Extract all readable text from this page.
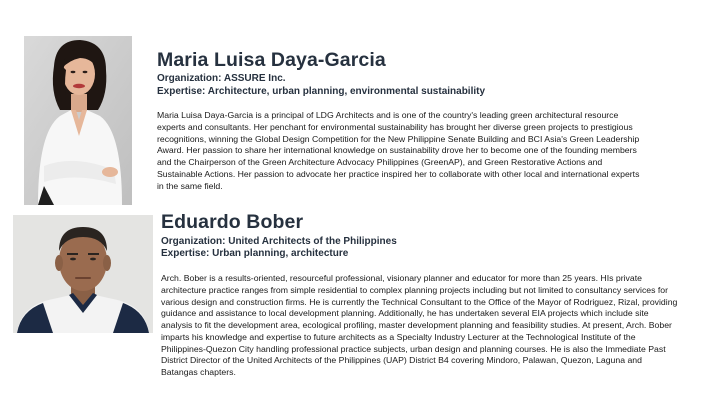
Maria Luisa Daya-Garcia

Organization: ASSURE Inc.

Expertise: Architecture, urban planning, environmental sustainability

Maria Luisa Daya-Garcia is a principal of LDG Architects and is one of the country's leading green architectural resource experts and consultants. Her penchant for environmental sustainability has brought her diverse green projects to prestigious recognitions, winning the Global Design Competition for the New Philippine Senate Building and BCI Asia's Green Leadership Award. Her passion to share her international knowledge on sustainability drove her to become one of the founding members and the Chairperson of the Green Architecture Advocacy Philippines (GreenAP), and Green Restorative Actions and Sustainable Actions. Her passion to advocate her practice inspired her to collaborate with other local and international experts in the same field.

Eduardo Bober

Organization: United Architects of the Philippines

Expertise: Urban planning, architecture

Arch. Bober is a results-oriented, resourceful professional, visionary planner and educator for more than 25 years. HIs private architecture practice ranges from simple residential to complex planning projects including but not limited to consultancy services for various design and construction firms. He is currently the Technical Consultant to the Office of the Mayor of Rodriguez, Rizal, providing guidance and assistance to local development planning. Additionally, he has undertaken several EIA projects which include site analysis to fit the development area, ecological profiling, master development planning and feasibility studies. At present, Arch. Bober imparts his knowledge and expertise to future architects as a Specialty Industry Lecturer at the Technological Institute of the Philippines-Quezon City handling professional practice subjects, urban design and planning courses. He is also the Immediate Past District Director of the United Architects of the Philippines (UAP) District B4 covering Mindoro, Palawan, Quezon, Laguna and Batangas chapters.
